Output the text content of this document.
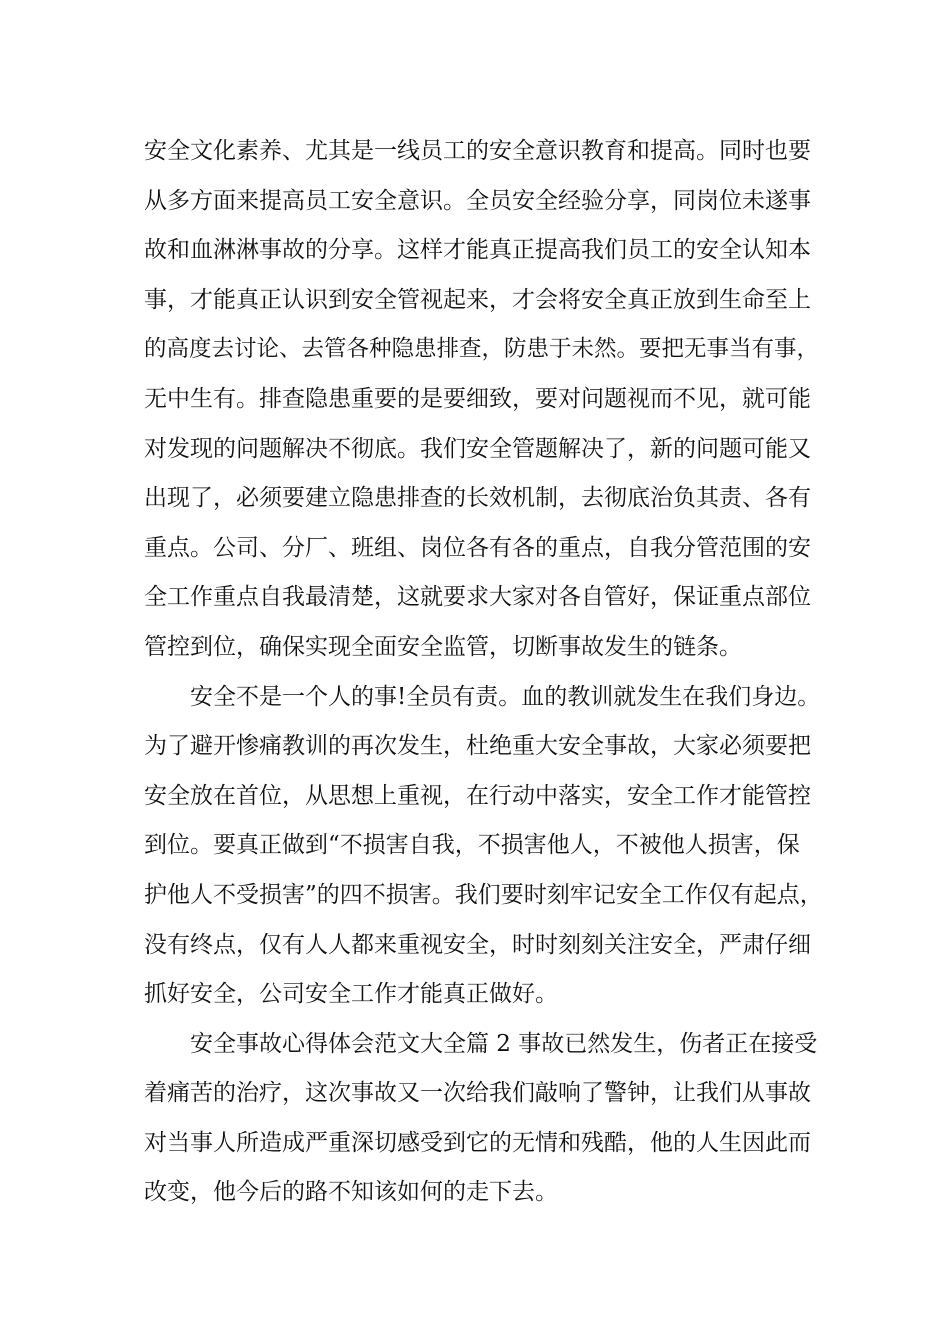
安全文化素养、尤其是一线员工的安全意识教育和提高。同时也要
从多方面来提高员工安全意识。全员安全经验分享，同岗位未遂事
故和血淋淋事故的分享。这样才能真正提高我们员工的安全认知本
事，才能真正认识到安全管视起来，才会将安全真正放到生命至上
的高度去讨论、去管各种隐患排查，防患于未然。要把无事当有事，
无中生有。排查隐患重要的是要细致，要对问题视而不见，就可能
对发现的问题解决不彻底。我们安全管题解决了，新的问题可能又
出现了，必须要建立隐患排查的长效机制，去彻底治负其责、各有
重点。公司、分厂、班组、岗位各有各的重点，自我分管范围的安
全工作重点自我最清楚，这就要求大家对各自管好，保证重点部位
管控到位，确保实现全面安全监管，切断事故发生的链条。
安全不是一个人的事!全员有责。血的教训就发生在我们身边。
为了避开惨痛教训的再次发生，杜绝重大安全事故，大家必须要把
安全放在首位，从思想上重视，在行动中落实，安全工作才能管控
到位。要真正做到“不损害自我，不损害他人，不被他人损害，保
护他人不受损害”的四不损害。我们要时刻牢记安全工作仅有起点，
没有终点，仅有人人都来重视安全，时时刻刻关注安全，严肃仔细
抓好安全，公司安全工作才能真正做好。
安全事故心得体会范文大全篇 2 事故已然发生，伤者正在接受
着痛苦的治疗，这次事故又一次给我们敲响了警钟，让我们从事故
对当事人所造成严重深切感受到它的无情和残酷，他的人生因此而
改变，他今后的路不知该如何的走下去。
